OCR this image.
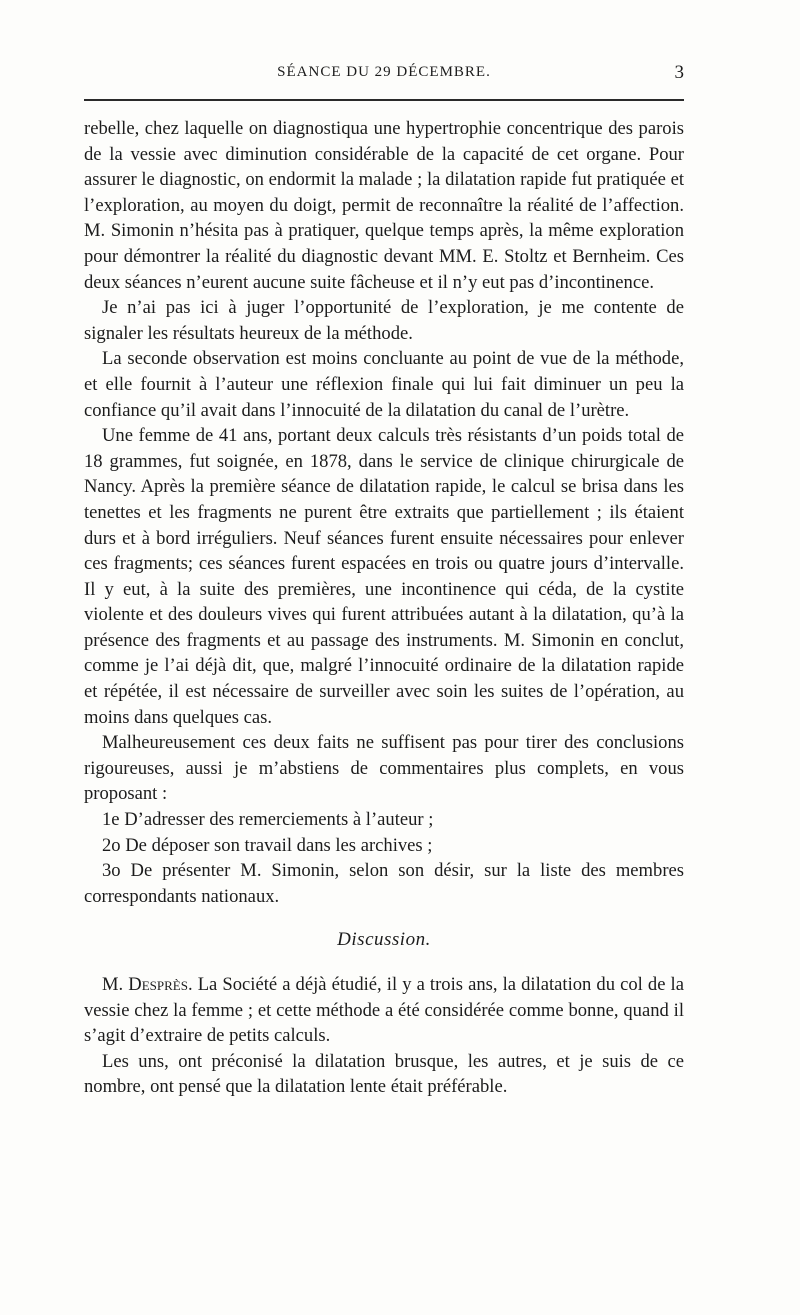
SÉANCE DU 29 DÉCEMBRE.	3

rebelle, chez laquelle on diagnostiqua une hypertrophie concentrique des parois de la vessie avec diminution considérable de la capacité de cet organe. Pour assurer le diagnostic, on endormit la malade ; la dilatation rapide fut pratiquée et l’exploration, au moyen du doigt, permit de reconnaître la réalité de l’affection. M. Simonin n’hésita pas à pratiquer, quelque temps après, la même exploration pour démontrer la réalité du diagnostic devant MM. E. Stoltz et Bernheim. Ces deux séances n’eurent aucune suite fâcheuse et il n’y eut pas d’incontinence.

Je n’ai pas ici à juger l’opportunité de l’exploration, je me contente de signaler les résultats heureux de la méthode.

La seconde observation est moins concluante au point de vue de la méthode, et elle fournit à l’auteur une réflexion finale qui lui fait diminuer un peu la confiance qu’il avait dans l’innocuité de la dilatation du canal de l’urètre.

Une femme de 41 ans, portant deux calculs très résistants d’un poids total de 18 grammes, fut soignée, en 1878, dans le service de clinique chirurgicale de Nancy. Après la première séance de dilatation rapide, le calcul se brisa dans les tenettes et les fragments ne purent être extraits que partiellement ; ils étaient durs et à bord irréguliers. Neuf séances furent ensuite nécessaires pour enlever ces fragments; ces séances furent espacées en trois ou quatre jours d’intervalle. Il y eut, à la suite des premières, une incontinence qui céda, de la cystite violente et des douleurs vives qui furent attribuées autant à la dilatation, qu’à la présence des fragments et au passage des instruments. M. Simonin en conclut, comme je l’ai déjà dit, que, malgré l’innocuité ordinaire de la dilatation rapide et répétée, il est nécessaire de surveiller avec soin les suites de l’opération, au moins dans quelques cas.

Malheureusement ces deux faits ne suffisent pas pour tirer des conclusions rigoureuses, aussi je m’abstiens de commentaires plus complets, en vous proposant :

1e D’adresser des remerciements à l’auteur ;

2o De déposer son travail dans les archives ;

3o De présenter M. Simonin, selon son désir, sur la liste des membres correspondants nationaux.

Discussion.

M. Desprès. La Société a déjà étudié, il y a trois ans, la dilatation du col de la vessie chez la femme ; et cette méthode a été considérée comme bonne, quand il s’agit d’extraire de petits calculs.

Les uns, ont préconisé la dilatation brusque, les autres, et je suis de ce nombre, ont pensé que la dilatation lente était préférable.
